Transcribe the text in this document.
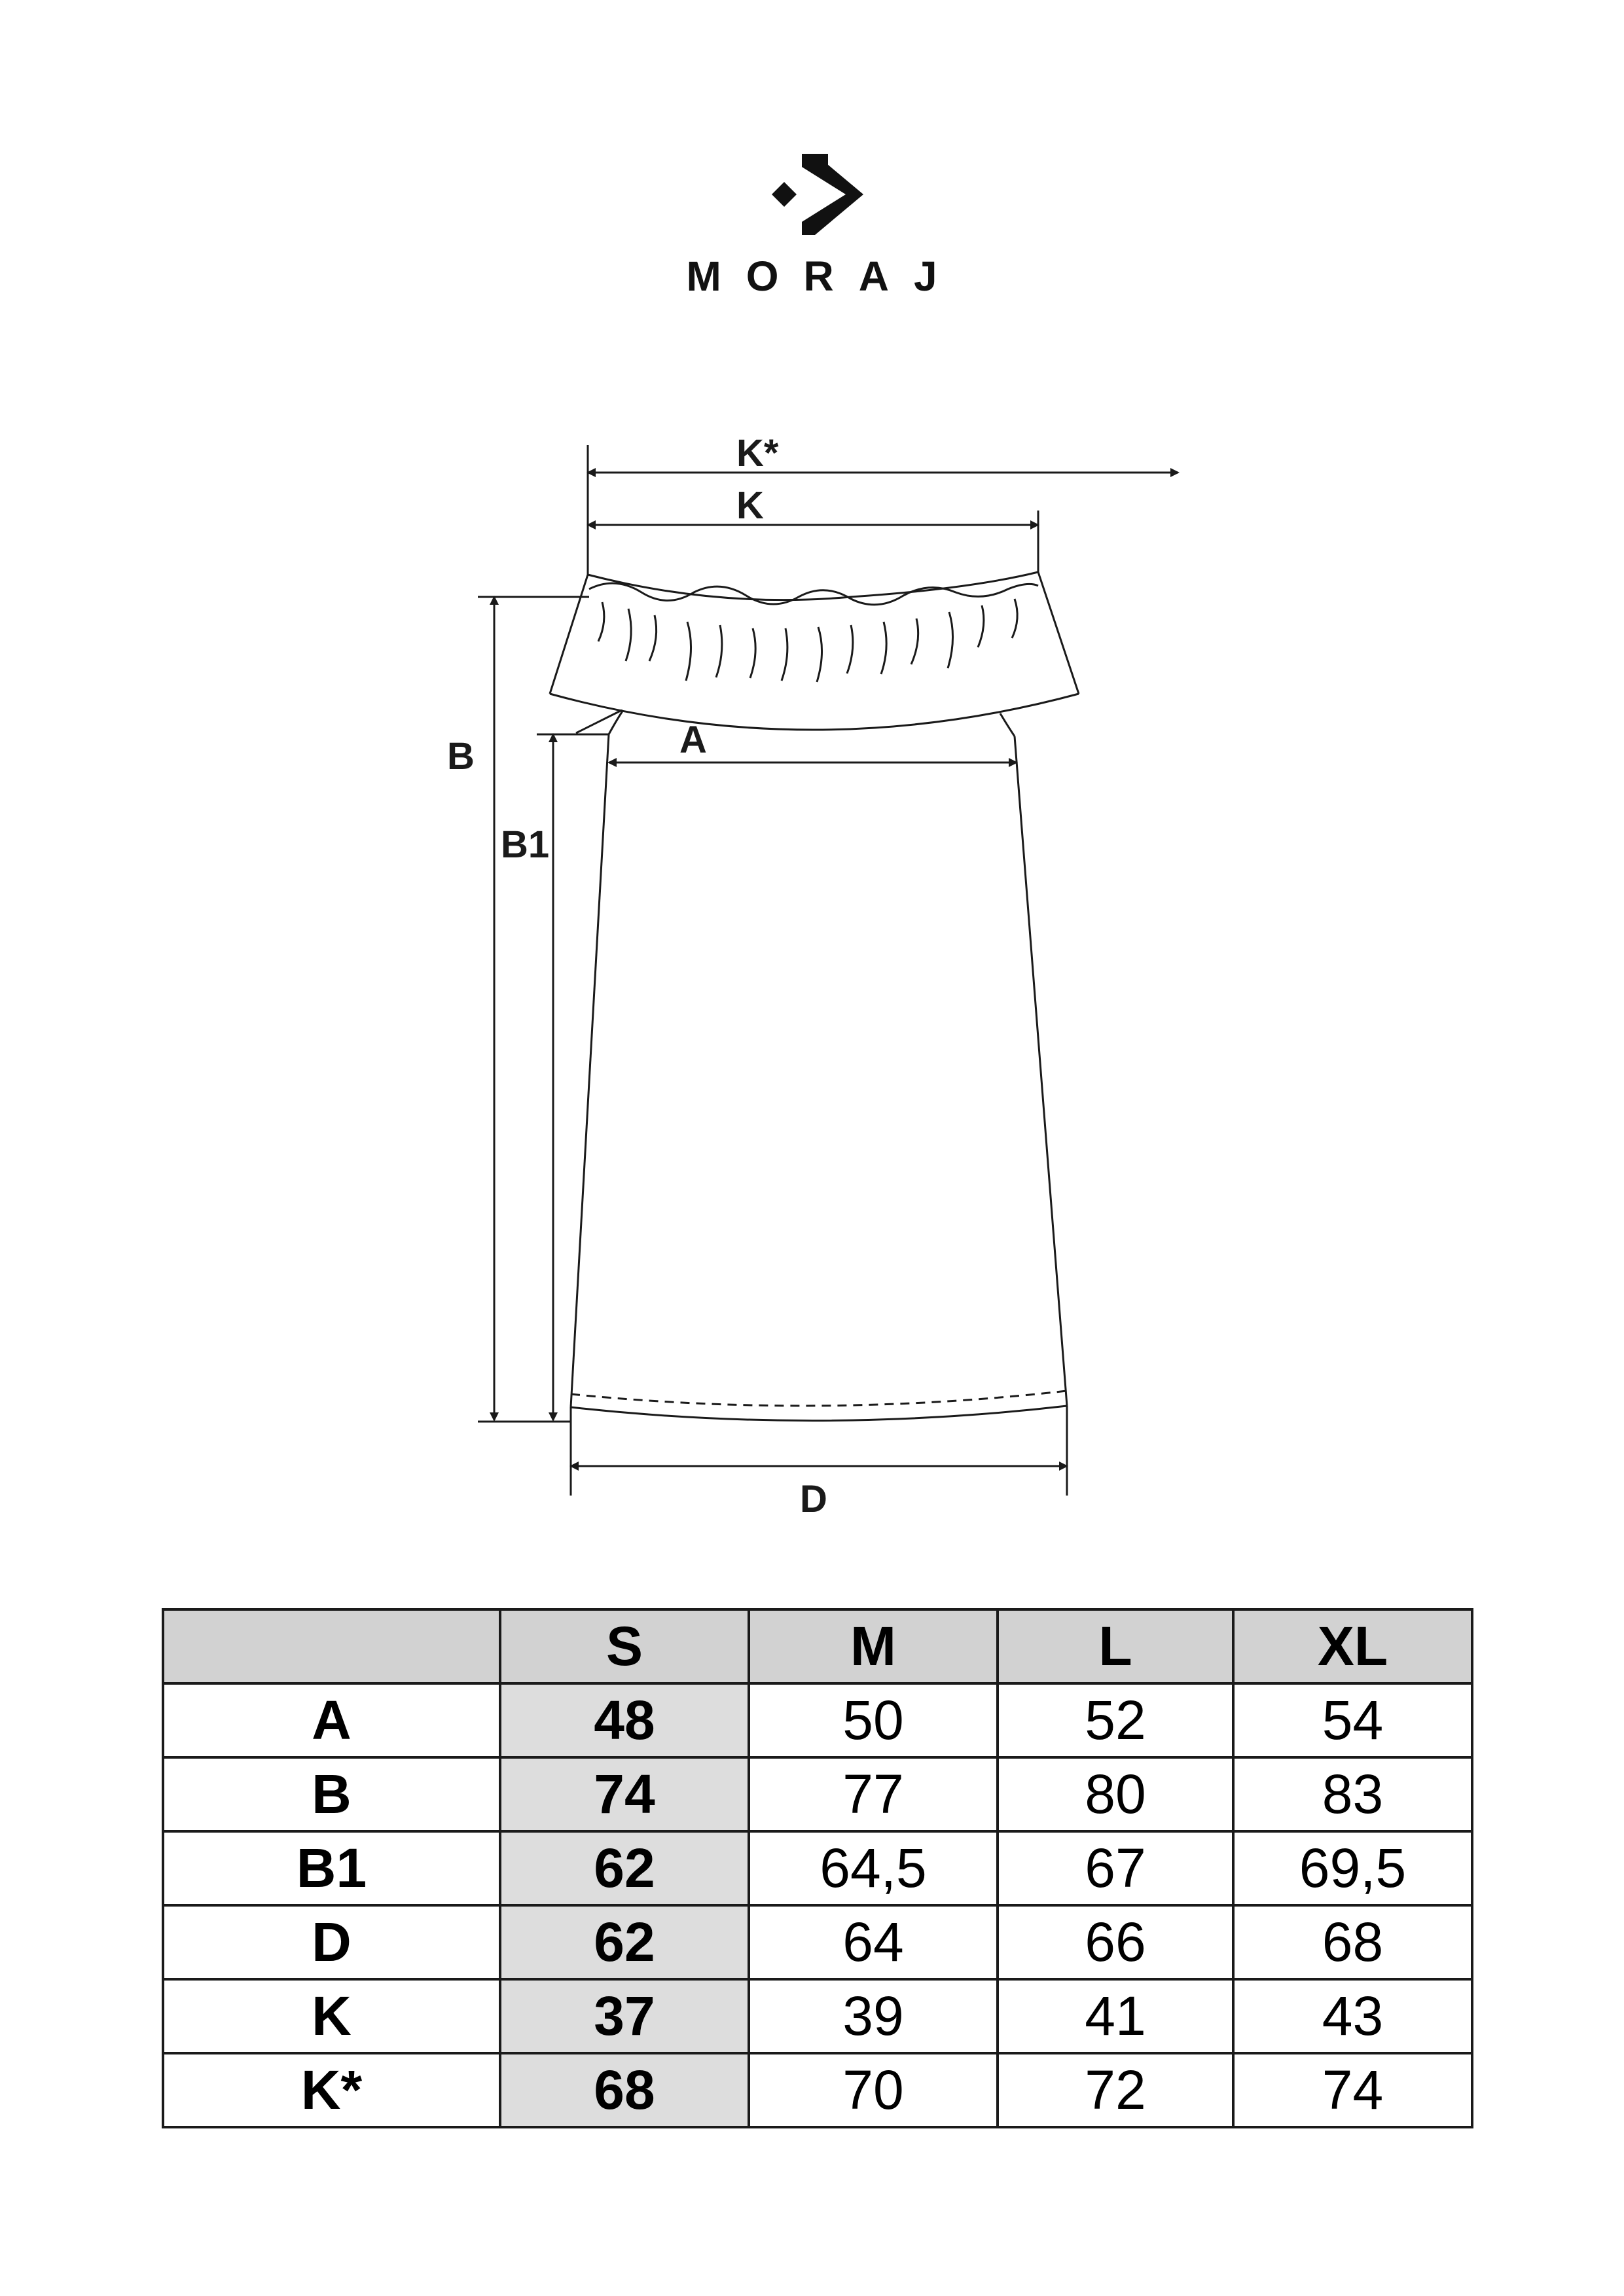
MORAJ
K*
K
B
B1
A
D
	S	M	L	XL
A	48	50	52	54
B	74	77	80	83
B1	62	64,5	67	69,5
D	62	64	66	68
K	37	39	41	43
K*	68	70	72	74
